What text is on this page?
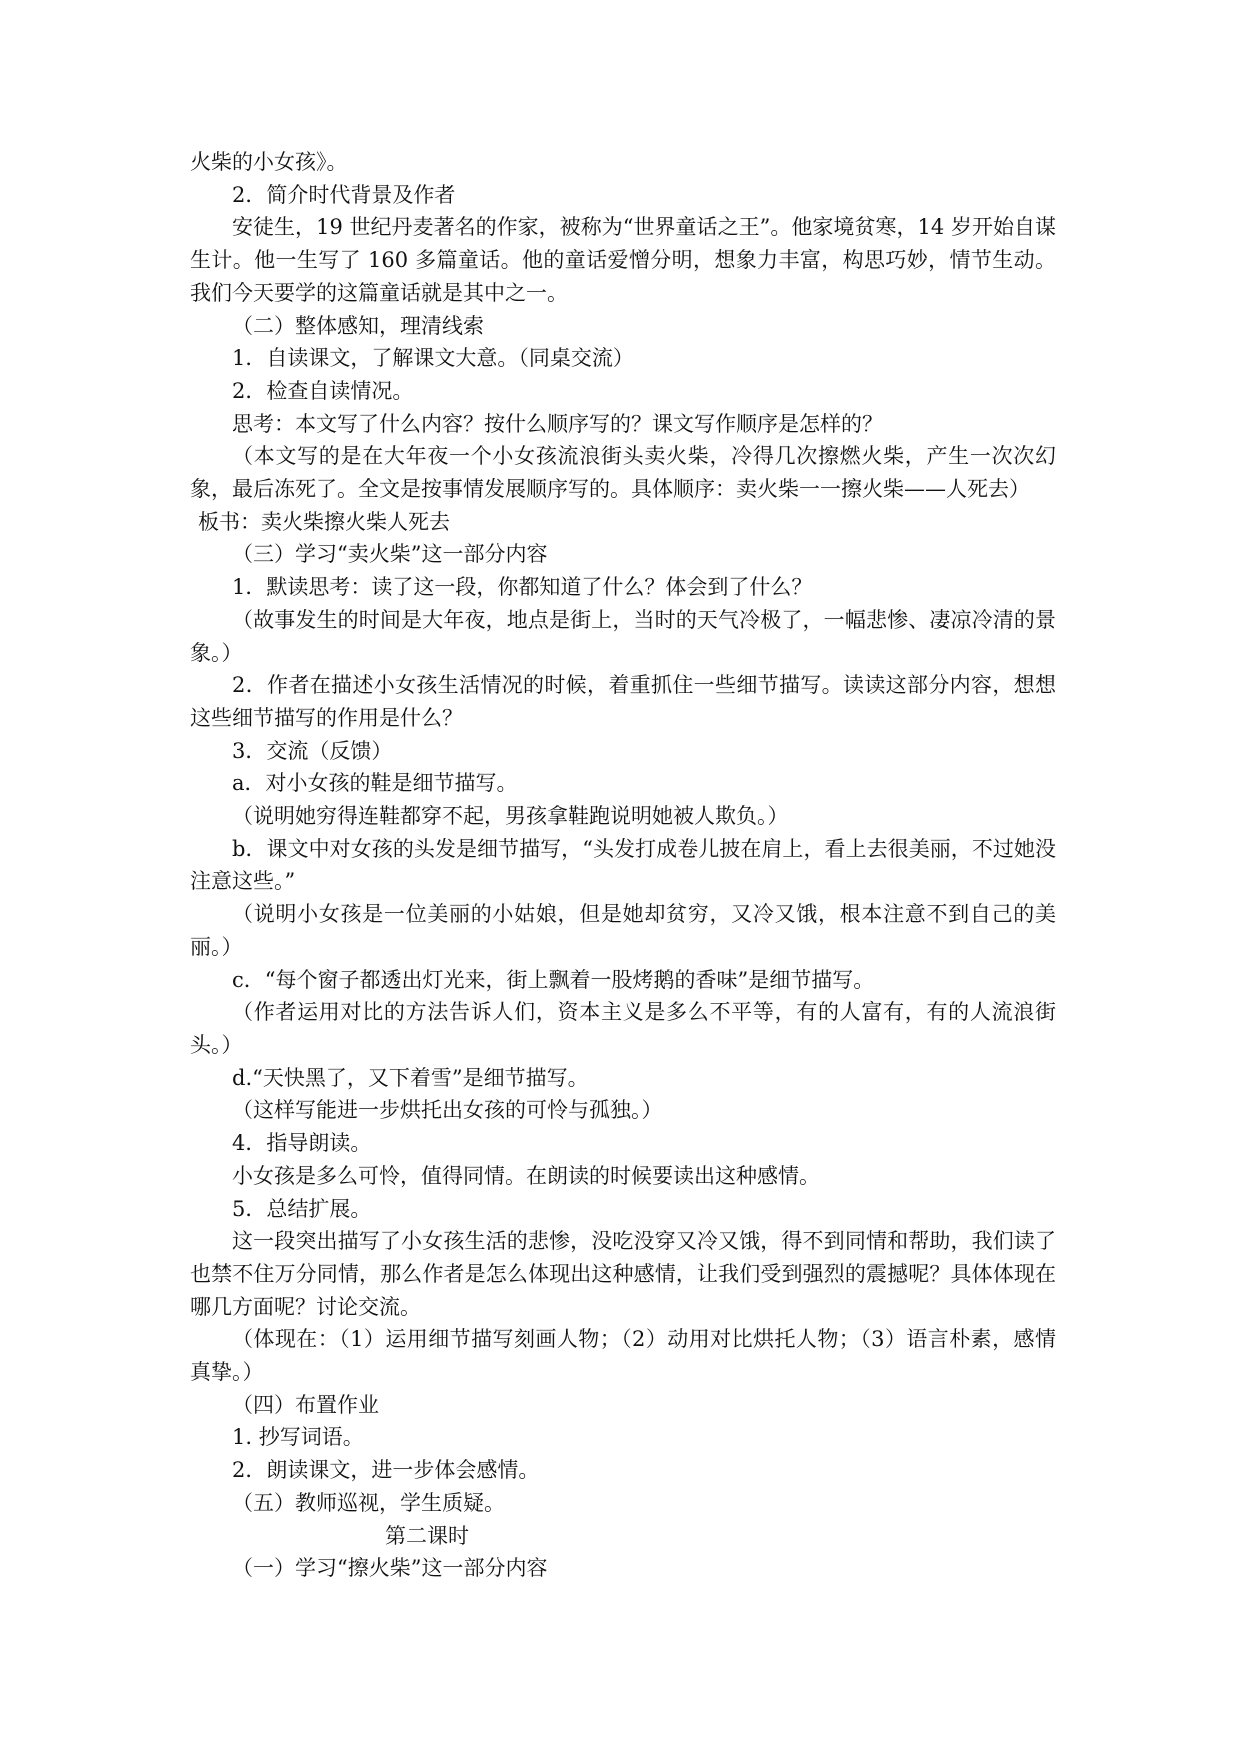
火柴的小女孩》。

2．简介时代背景及作者

安徒生，19 世纪丹麦著名的作家，被称为“世界童话之王”。他家境贫寒，14 岁开始自谋生计。他一生写了 160 多篇童话。他的童话爱憎分明，想象力丰富，构思巧妙，情节生动。我们今天要学的这篇童话就是其中之一。

（二）整体感知，理清线索

1．自读课文，了解课文大意。（同桌交流）

2．检查自读情况。

思考：本文写了什么内容？按什么顺序写的？课文写作顺序是怎样的？

（本文写的是在大年夜一个小女孩流浪街头卖火柴，冷得几次擦燃火柴，产生一次次幻象，最后冻死了。全文是按事情发展顺序写的。具体顺序：卖火柴一一擦火柴——人死去）

板书：卖火柴擦火柴人死去

（三）学习“卖火柴”这一部分内容

1．默读思考：读了这一段，你都知道了什么？体会到了什么？

（故事发生的时间是大年夜，地点是街上，当时的天气冷极了，一幅悲惨、凄凉冷清的景象。）

2．作者在描述小女孩生活情况的时候，着重抓住一些细节描写。读读这部分内容，想想这些细节描写的作用是什么？

3．交流（反馈）

a．对小女孩的鞋是细节描写。

（说明她穷得连鞋都穿不起，男孩拿鞋跑说明她被人欺负。）

b．课文中对女孩的头发是细节描写，“头发打成卷儿披在肩上，看上去很美丽，不过她没注意这些。”

（说明小女孩是一位美丽的小姑娘，但是她却贫穷，又冷又饿，根本注意不到自己的美丽。）

c．“每个窗子都透出灯光来，街上飘着一股烤鹅的香味”是细节描写。

（作者运用对比的方法告诉人们，资本主义是多么不平等，有的人富有，有的人流浪街头。）

d.“天快黑了，又下着雪”是细节描写。

（这样写能进一步烘托出女孩的可怜与孤独。）

4．指导朗读。

小女孩是多么可怜，值得同情。在朗读的时候要读出这种感情。

5．总结扩展。

这一段突出描写了小女孩生活的悲惨，没吃没穿又冷又饿，得不到同情和帮助，我们读了也禁不住万分同情，那么作者是怎么体现出这种感情，让我们受到强烈的震撼呢？具体体现在哪几方面呢？讨论交流。

（体现在：（1）运用细节描写刻画人物；（2）动用对比烘托人物；（3）语言朴素，感情真挚。）

（四）布置作业

1. 抄写词语。

2．朗读课文，进一步体会感情。

（五）教师巡视，学生质疑。

第二课时

（一）学习“擦火柴”这一部分内容
